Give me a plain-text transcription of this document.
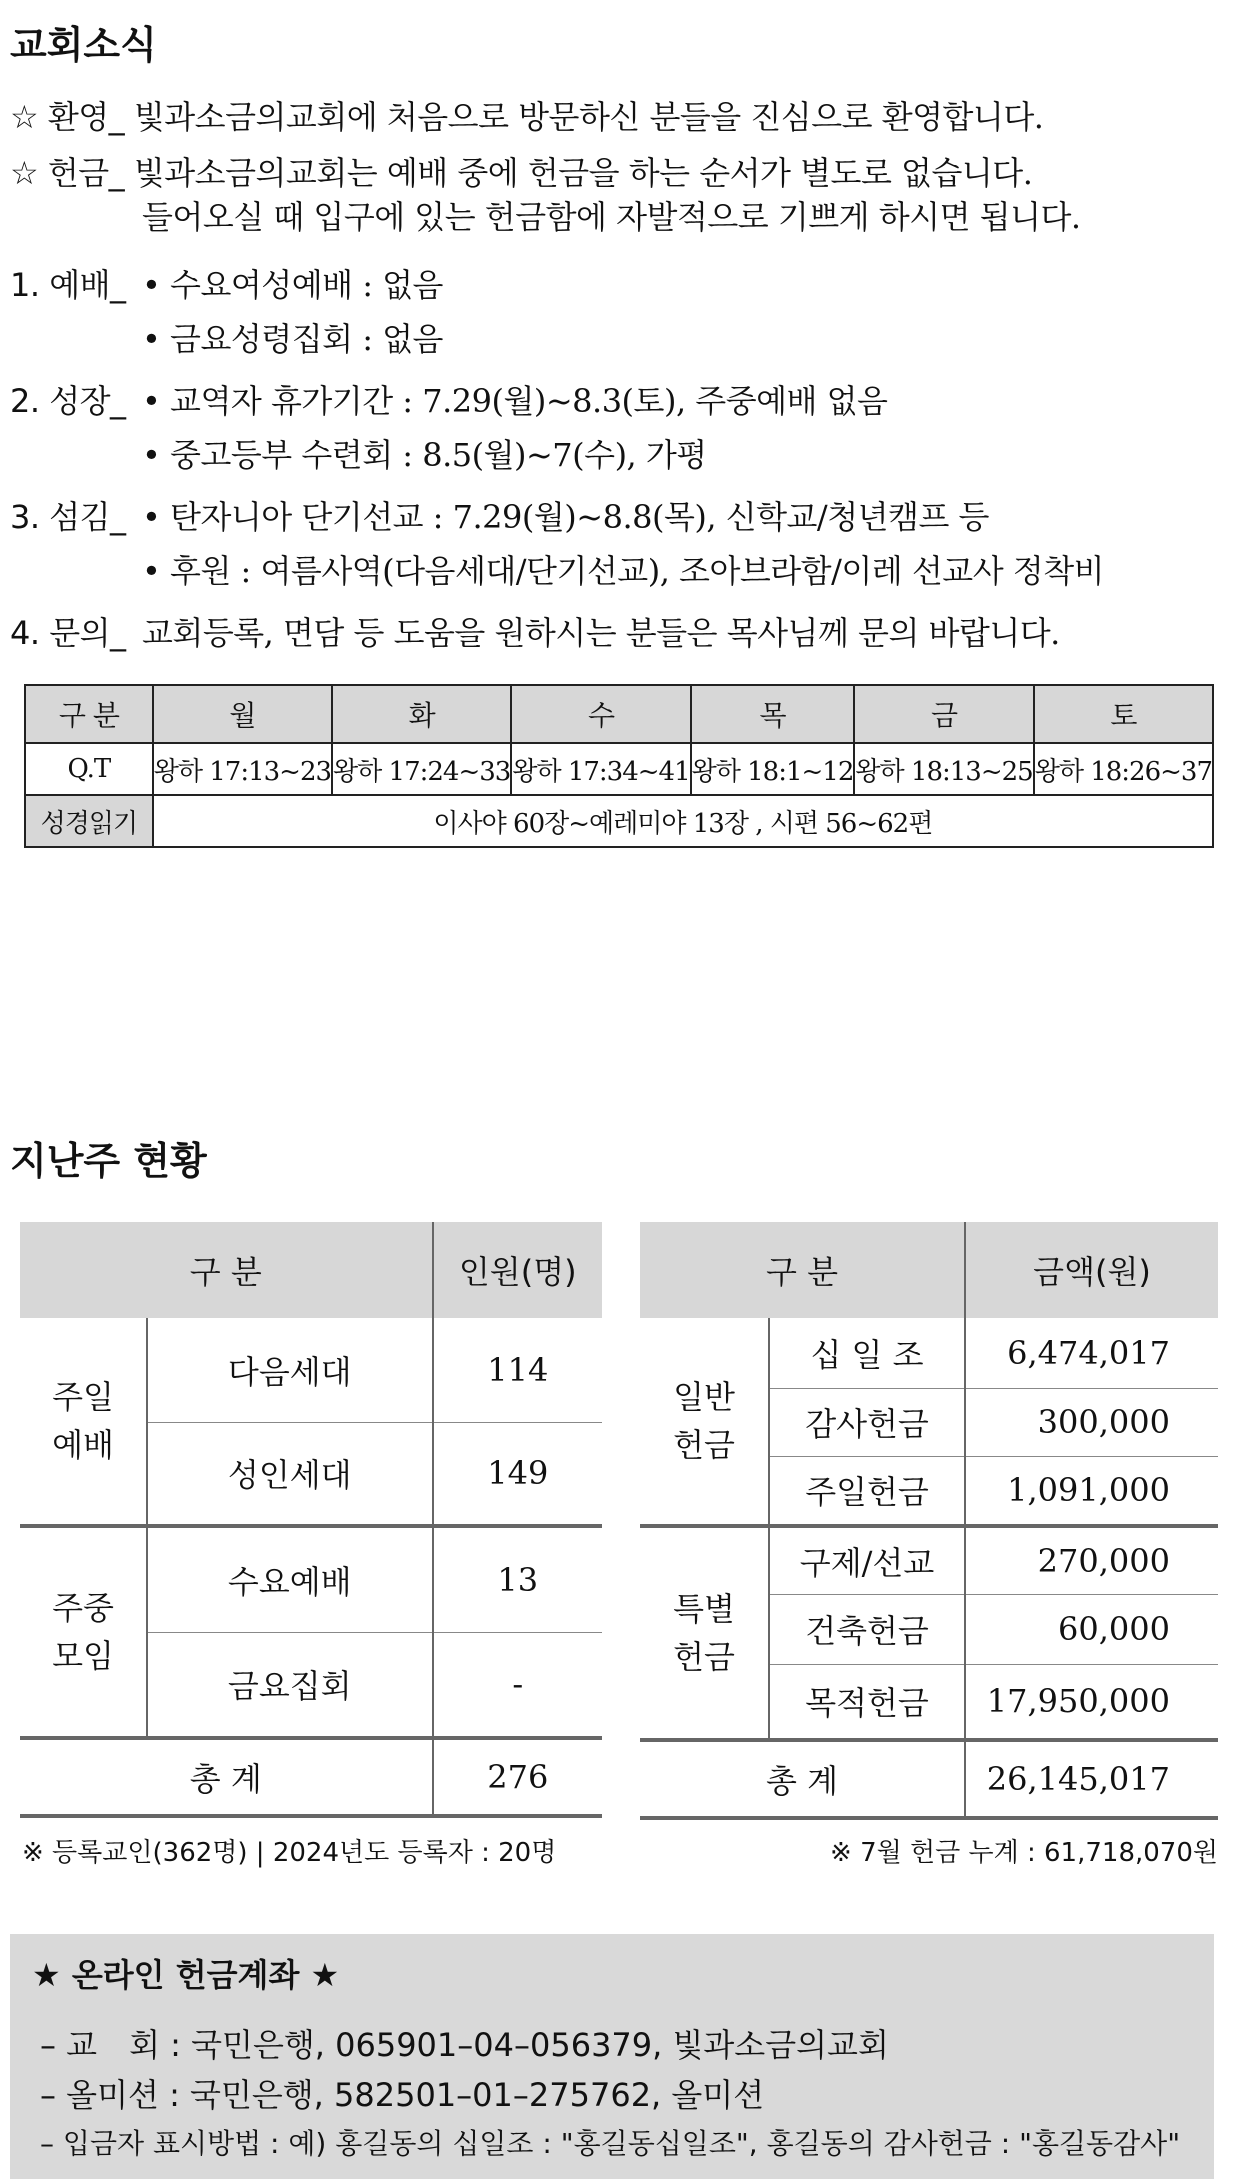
교회소식
☆ 환영_ 빛과소금의교회에 처음으로 방문하신 분들을 진심으로 환영합니다.
☆ 헌금_ 빛과소금의교회는 예배 중에 헌금을 하는 순서가 별도로 없습니다.
들어오실 때 입구에 있는 헌금함에 자발적으로 기쁘게 하시면 됩니다.
1. 예배_ • 수요여성예배 : 없음
• 금요성령집회 : 없음
2. 성장_ • 교역자 휴가기간 : 7.29(월)~8.3(토), 주중예배 없음
• 중고등부 수련회 : 8.5(월)~7(수), 가평
3. 섬김_ • 탄자니아 단기선교 : 7.29(월)~8.8(목), 신학교/청년캠프 등
• 후원 : 여름사역(다음세대/단기선교), 조아브라함/이레 선교사 정착비
4. 문의_ 교회등록, 면담 등 도움을 원하시는 분들은 목사님께 문의 바랍니다.
구 분	월	화	수	목	금	토
Q.T	왕하 17:13~23	왕하 17:24~33	왕하 17:34~41	왕하 18:1~12	왕하 18:13~25	왕하 18:26~37
성경읽기	이사야 60장~예레미야 13장 , 시편 56~62편					
지난주 현황
구 분		인원(명)

주일
예배	다음세대	114
	성인세대	149

주중
모임	수요예배	13
	금요집회	-
총 계		276
※ 등록교인(362명) | 2024년도 등록자 : 20명
구 분		금액(원)

일반
헌금	십 일 조	6,474,017
	감사헌금	300,000
	주일헌금	1,091,000

특별
헌금	구제/선교	270,000
	건축헌금	60,000
	목적헌금	17,950,000
총 계		26,145,017
※ 7월 헌금 누계 : 61,718,070원
★ 온라인 헌금계좌 ★
– 교　회 : 국민은행, 065901–04–056379, 빛과소금의교회
– 올미션 : 국민은행, 582501–01–275762, 올미션
– 입금자 표시방법 : 예) 홍길동의 십일조 : "홍길동십일조", 홍길동의 감사헌금 : "홍길동감사"
